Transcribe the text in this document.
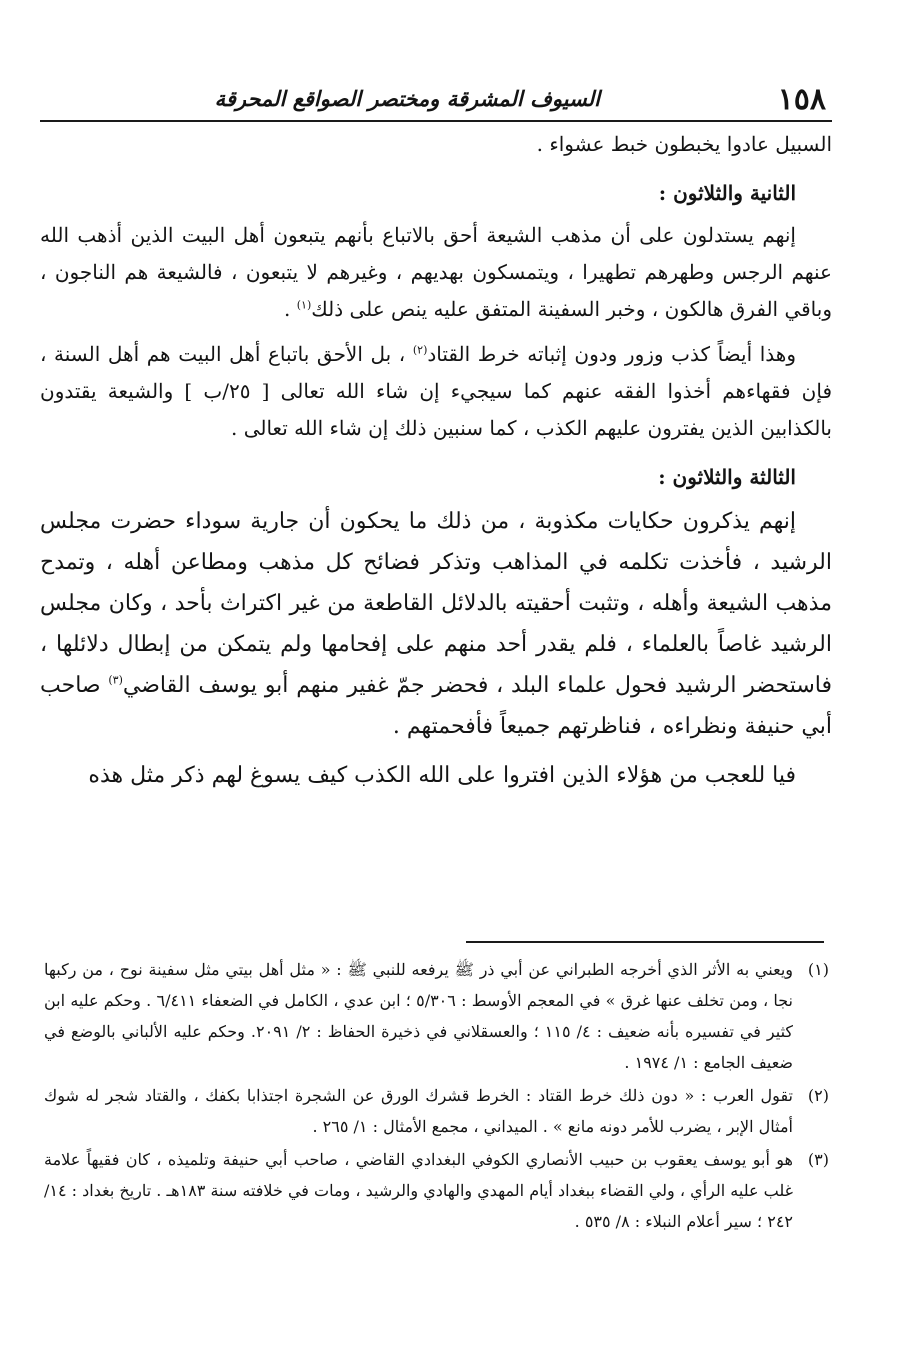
١٥٨
السيوف المشرقة ومختصر الصواقع المحرقة

السبيل عادوا يخبطون خبط عشواء .

الثانية والثلاثون :

إنهم يستدلون على أن مذهب الشيعة أحق بالاتباع بأنهم يتبعون أهل البيت الذين أذهب الله عنهم الرجس وطهرهم تطهيرا ، ويتمسكون بهديهم ، وغيرهم لا يتبعون ، فالشيعة هم الناجون ، وباقي الفرق هالكون ، وخبر السفينة المتفق عليه ينص على ذلك$^{(١)}$ .

وهذا أيضاً كذب وزور ودون إثباته خرط القتاد$^{(٢)}$ ، بل الأحق باتباع أهل البيت هم أهل السنة ، فإن فقهاءهم أخذوا الفقه عنهم كما سيجيء إن شاء الله تعالى [ ٢٥/ب ] والشيعة يقتدون بالكذابين الذين يفترون عليهم الكذب ، كما سنبين ذلك إن شاء الله تعالى .

الثالثة والثلاثون :

إنهم يذكرون حكايات مكذوبة ، من ذلك ما يحكون أن جارية سوداء حضرت مجلس الرشيد ، فأخذت تكلمه في المذاهب وتذكر فضائح كل مذهب ومطاعن أهله ، وتمدح مذهب الشيعة وأهله ، وتثبت أحقيته بالدلائل القاطعة من غير اكتراث بأحد ، وكان مجلس الرشيد غاصاً بالعلماء ، فلم يقدر أحد منهم على إفحامها ولم يتمكن من إبطال دلائلها ، فاستحضر الرشيد فحول علماء البلد ، فحضر جمّ غفير منهم أبو يوسف القاضي$^{(٣)}$ صاحب أبي حنيفة ونظراءه ، فناظرتهم جميعاً فأفحمتهم .

فيا للعجب من هؤلاء الذين افتروا على الله الكذب كيف يسوغ لهم ذكر مثل هذه

(١)
ويعني به الأثر الذي أخرجه الطبراني عن أبي ذر ﷺ يرفعه للنبي ﷺ : « مثل أهل بيتي مثل سفينة نوح ، من ركبها نجا ، ومن تخلف عنها غرق » في المعجم الأوسط : ٥/٣٠٦ ؛ ابن عدي ، الكامل في الضعفاء ٦/٤١١ . وحكم عليه ابن كثير في تفسيره بأنه ضعيف : ٤/ ١١٥ ؛ والعسقلاني في ذخيرة الحفاظ : ٢/ ٢٠٩١. وحكم عليه الألباني بالوضع في ضعيف الجامع : ١/ ١٩٧٤ .

(٢)
تقول العرب : « دون ذلك خرط القتاد : الخرط قشرك الورق عن الشجرة اجتذابا بكفك ، والقتاد شجر له شوك أمثال الإبر ، يضرب للأمر دونه مانع » . الميداني ، مجمع الأمثال : ١/ ٢٦٥ .

(٣)
هو أبو يوسف يعقوب بن حبيب الأنصاري الكوفي البغدادي القاضي ، صاحب أبي حنيفة وتلميذه ، كان فقيهاً علامة غلب عليه الرأي ، ولي القضاء ببغداد أيام المهدي والهادي والرشيد ، ومات في خلافته سنة ١٨٣هـ . تاريخ بغداد : ١٤/ ٢٤٢ ؛ سير أعلام النبلاء : ٨/ ٥٣٥ .
